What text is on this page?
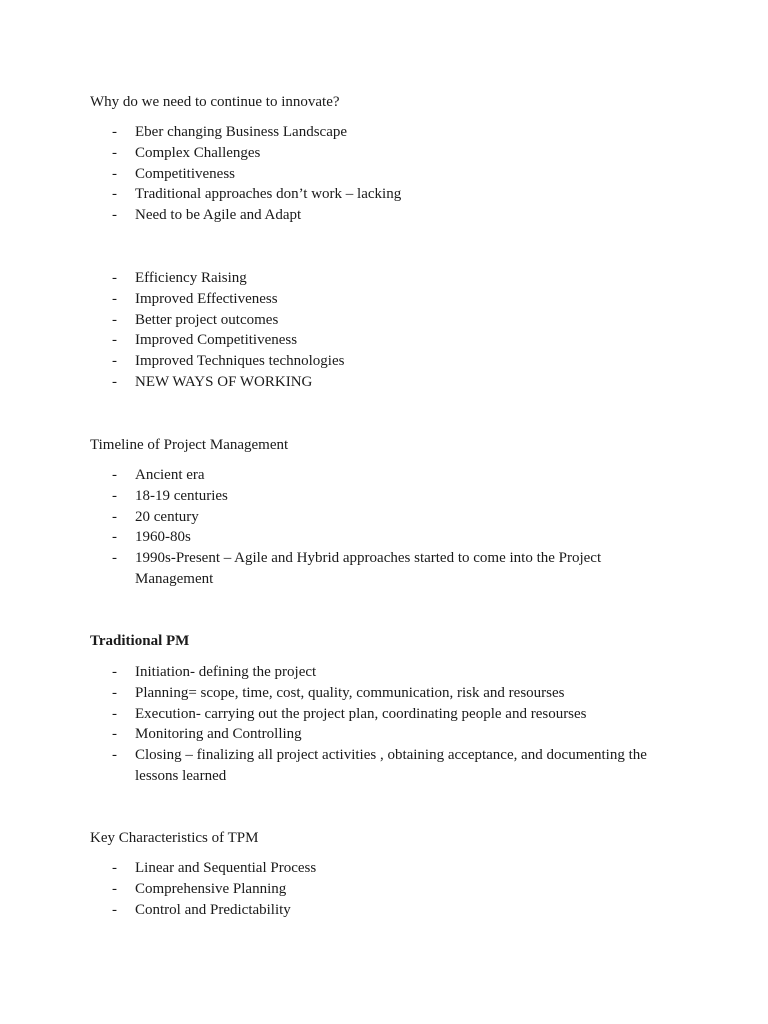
Why do we need to continue to innovate?

- Eber changing Business Landscape
- Complex Challenges
- Competitiveness
- Traditional approaches don’t work – lacking
- Need to be Agile and Adapt
- Efficiency Raising
- Improved Effectiveness
- Better project outcomes
- Improved Competitiveness
- Improved Techniques technologies
- NEW WAYS OF WORKING

Timeline of Project Management

- Ancient era
- 18-19 centuries
- 20 century
- 1960-80s
- 1990s-Present – Agile and Hybrid approaches started to come into the Project Management

Traditional PM

- Initiation- defining the project
- Planning= scope, time, cost, quality, communication, risk and resourses
- Execution- carrying out the project plan, coordinating people and resourses
- Monitoring and Controlling
- Closing – finalizing all project activities , obtaining acceptance, and documenting the lessons learned

Key Characteristics of TPM

- Linear and Sequential Process
- Comprehensive Planning
- Control and Predictability
